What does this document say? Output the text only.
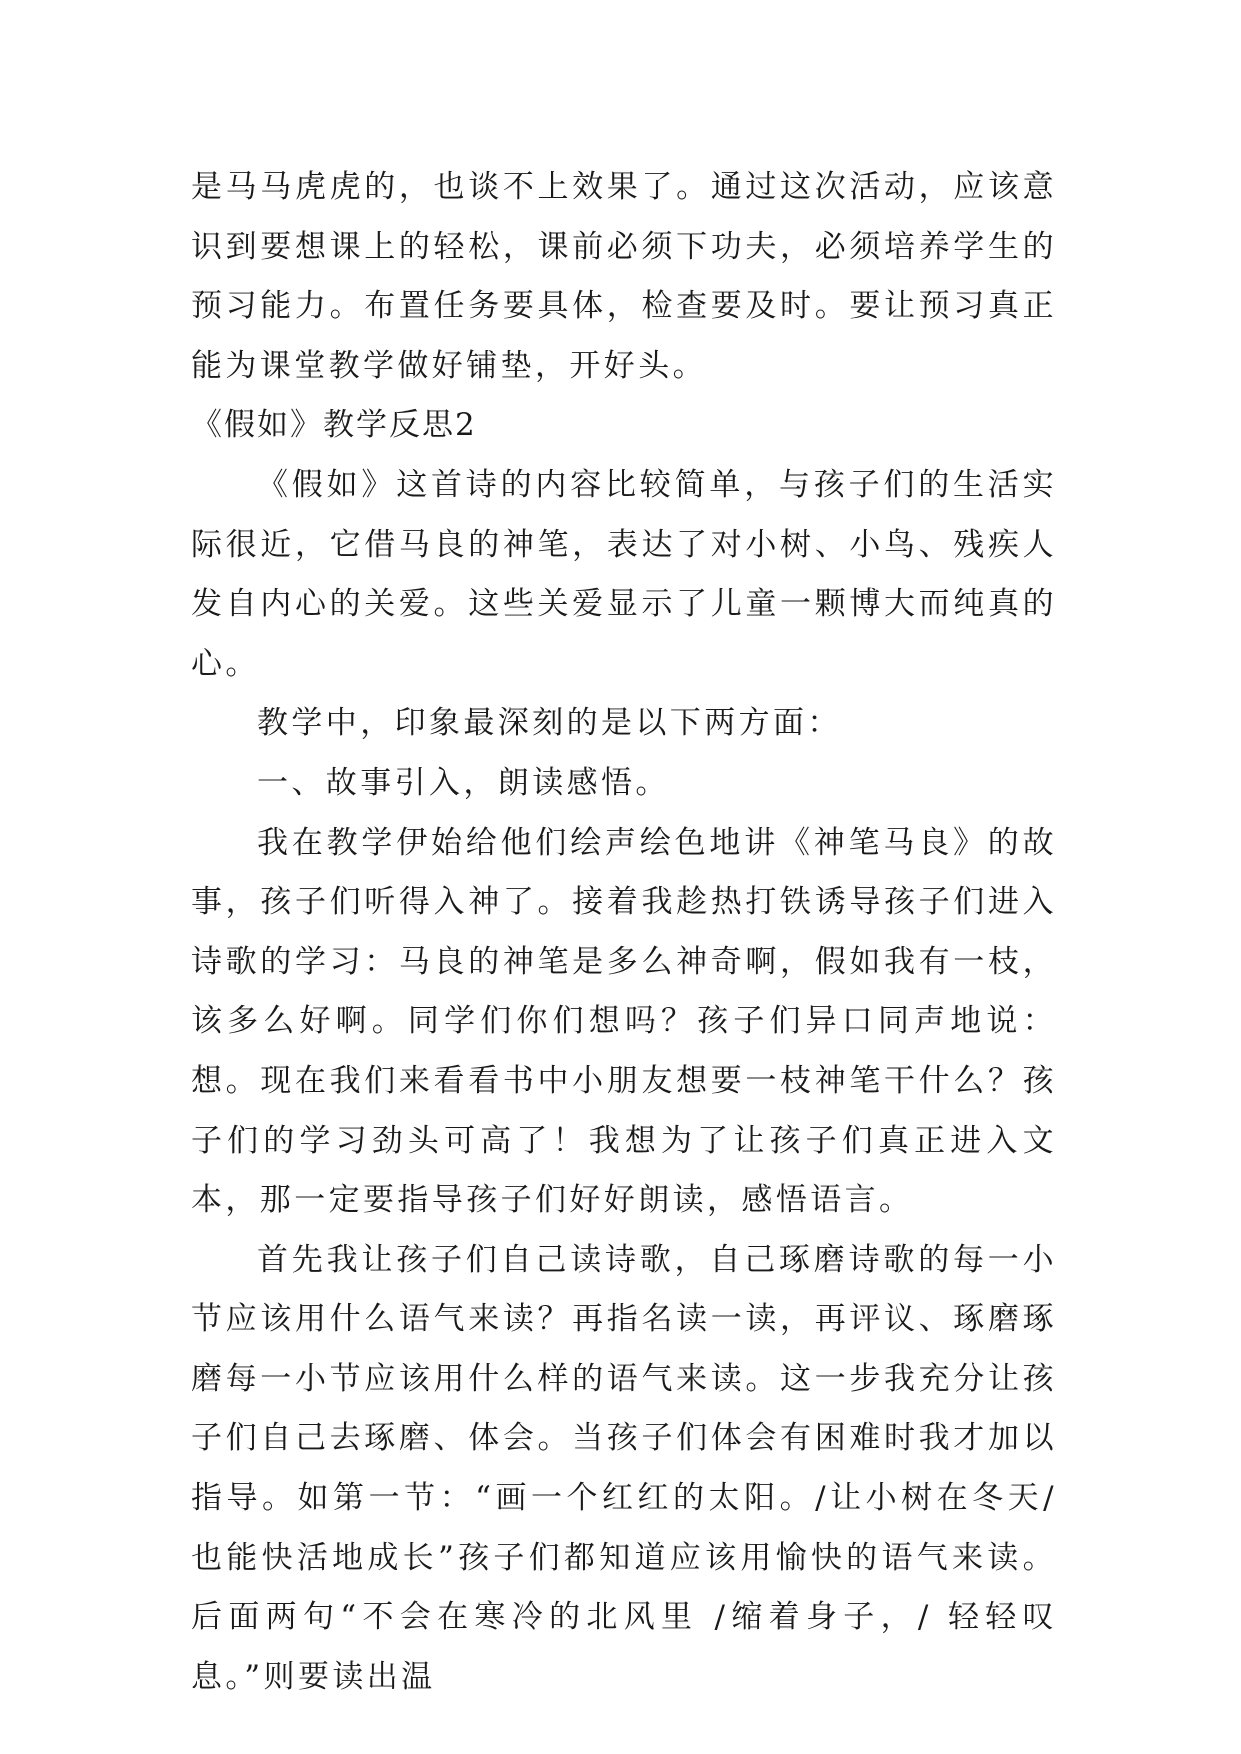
是马马虎虎的，也谈不上效果了。通过这次活动，应该意识到要想课上的轻松，课前必须下功夫，必须培养学生的预习能力。布置任务要具体，检查要及时。要让预习真正能为课堂教学做好铺垫，开好头。

《假如》教学反思2

《假如》这首诗的内容比较简单，与孩子们的生活实际很近，它借马良的神笔，表达了对小树、小鸟、残疾人发自内心的关爱。这些关爱显示了儿童一颗博大而纯真的心。

教学中，印象最深刻的是以下两方面：

一、故事引入，朗读感悟。

我在教学伊始给他们绘声绘色地讲《神笔马良》的故事，孩子们听得入神了。接着我趁热打铁诱导孩子们进入诗歌的学习：马良的神笔是多么神奇啊，假如我有一枝，该多么好啊。同学们你们想吗？孩子们异口同声地说：想。现在我们来看看书中小朋友想要一枝神笔干什么？孩子们的学习劲头可高了！我想为了让孩子们真正进入文本，那一定要指导孩子们好好朗读，感悟语言。

首先我让孩子们自己读诗歌，自己琢磨诗歌的每一小节应该用什么语气来读？再指名读一读，再评议、琢磨琢磨每一小节应该用什么样的语气来读。这一步我充分让孩子们自己去琢磨、体会。当孩子们体会有困难时我才加以指导。如第一节：“画一个红红的太阳。/让小树在冬天/ 也能快活地成长”孩子们都知道应该用愉快的语气来读。后面两句“不会在寒冷的北风里 /缩着身子，/ 轻轻叹息。”则要读出温
